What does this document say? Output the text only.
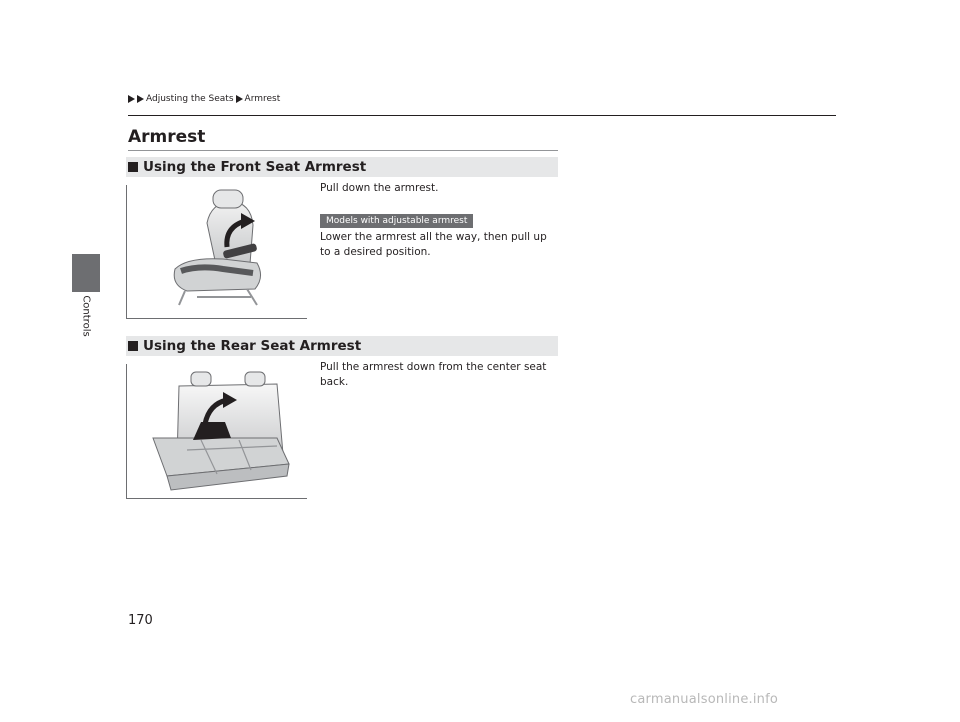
Controls
Adjusting the Seats Armrest
Armrest
Using the Front Seat Armrest

Pull down the armrest.

Models with adjustable armrest

Lower the armrest all the way, then pull up to a desired position.

Using the Rear Seat Armrest

Pull the armrest down from the center seat back.

170
carmanualsonline.info
